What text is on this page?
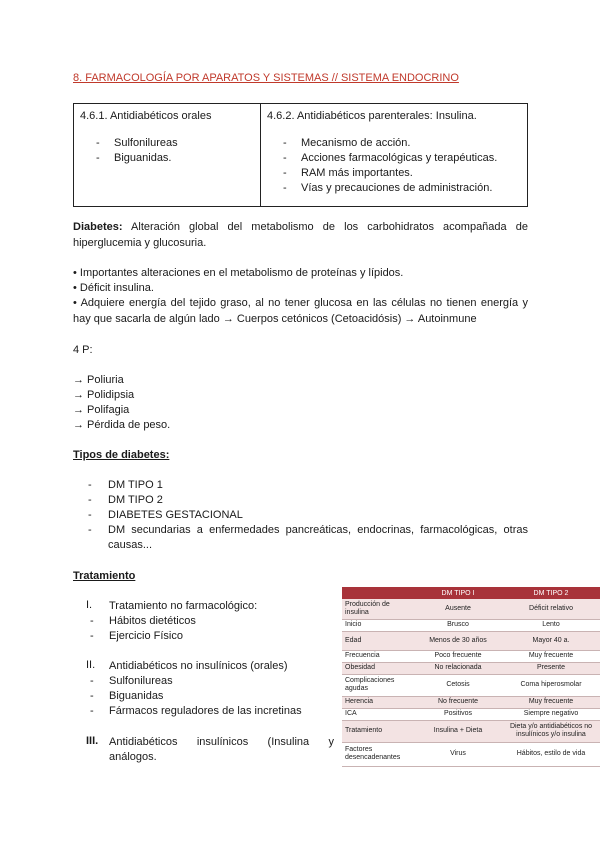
8. FARMACOLOGÍA POR APARATOS Y SISTEMAS // SISTEMA ENDOCRINO
4.6.1. Antidiabéticos orales
- Sulfonilureas
- Biguanidas.
4.6.2. Antidiabéticos parenterales: Insulina.
- Mecanismo de acción.
- Acciones farmacológicas y terapéuticas.
- RAM más importantes.
- Vías y precauciones de administración.
Diabetes: Alteración global del metabolismo de los carbohidratos acompañada de hiperglucemia y glucosuria.
• Importantes alteraciones en el metabolismo de proteínas y lípidos.
• Déficit insulina.
• Adquiere energía del tejido graso, al no tener glucosa en las células no tienen energía y hay que sacarla de algún lado → Cuerpos cetónicos (Cetoacidósis) → Autoinmune
4 P:
→ Poliuria
→ Polidipsia
→ Polifagia
→ Pérdida de peso.
Tipos de diabetes:
- DM TIPO 1
- DM TIPO 2
- DIABETES GESTACIONAL
- DM secundarias a enfermedades pancreáticas, endocrinas, farmacológicas, otras causas...
Tratamiento
I.	Tratamiento no farmacológico:
- Hábitos dietéticos
- Ejercicio Físico
II.	Antidiabéticos no insulínicos (orales)
- Sulfonilureas
- Biguanidas
- Fármacos reguladores de las incretinas
III. Antidiabéticos insulínicos (Insulina y análogos.
	DM TIPO I	DM TIPO 2
Producción de insulina	Ausente	Déficit relativo
Inicio	Brusco	Lento
Edad	Menos de 30 años	Mayor 40 a.
Frecuencia	Poco frecuente	Muy frecuente
Obesidad	No relacionada	Presente
Complicaciones agudas	Cetosis	Coma hiperosmolar
Herencia	No frecuente	Muy frecuente
ICA	Positivos	Siempre negativo
Tratamiento	Insulina + Dieta	Dieta y/o antidiabéticos no insulínicos y/o insulina
Factores desencadenantes	Virus	Hábitos, estilo de vida
